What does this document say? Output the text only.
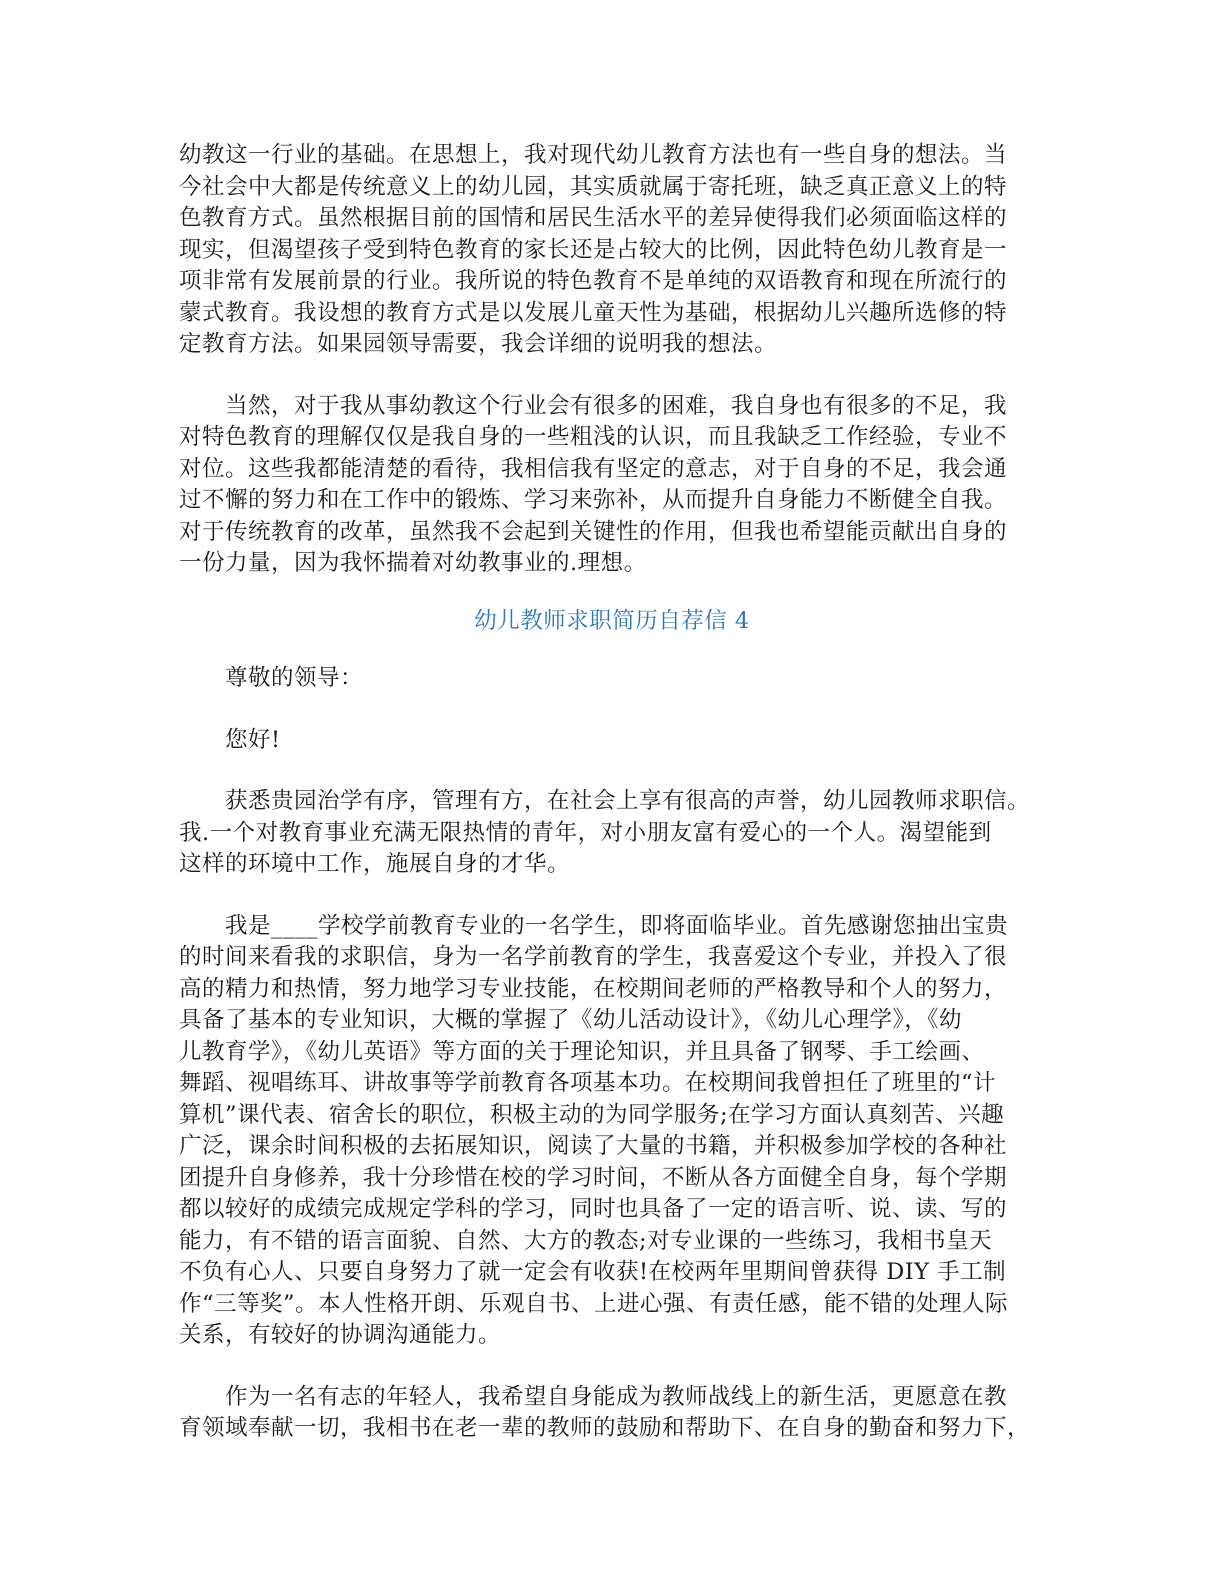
幼教这一行业的基础。在思想上，我对现代幼儿教育方法也有一些自身的想法。当
今社会中大都是传统意义上的幼儿园，其实质就属于寄托班，缺乏真正意义上的特
色教育方式。虽然根据目前的国情和居民生活水平的差异使得我们必须面临这样的
现实，但渴望孩子受到特色教育的家长还是占较大的比例，因此特色幼儿教育是一
项非常有发展前景的行业。我所说的特色教育不是单纯的双语教育和现在所流行的
蒙式教育。我设想的教育方式是以发展儿童天性为基础，根据幼儿兴趣所选修的特
定教育方法。如果园领导需要，我会详细的说明我的想法。
当然，对于我从事幼教这个行业会有很多的困难，我自身也有很多的不足，我
对特色教育的理解仅仅是我自身的一些粗浅的认识，而且我缺乏工作经验，专业不
对位。这些我都能清楚的看待，我相信我有坚定的意志，对于自身的不足，我会通
过不懈的努力和在工作中的锻炼、学习来弥补，从而提升自身能力不断健全自我。
对于传统教育的改革，虽然我不会起到关键性的作用，但我也希望能贡献出自身的
一份力量，因为我怀揣着对幼教事业的.理想。
幼儿教师求职简历自荐信 4
尊敬的领导：
您好!
获悉贵园治学有序，管理有方，在社会上享有很高的声誉，幼儿园教师求职信。
我.一个对教育事业充满无限热情的青年，对小朋友富有爱心的一个人。渴望能到
这样的环境中工作，施展自身的才华。
我是____学校学前教育专业的一名学生，即将面临毕业。首先感谢您抽出宝贵
的时间来看我的求职信，身为一名学前教育的学生，我喜爱这个专业，并投入了很
高的精力和热情，努力地学习专业技能，在校期间老师的严格教导和个人的努力，
具备了基本的专业知识，大概的掌握了《幼儿活动设计》，《幼儿心理学》，《幼
儿教育学》，《幼儿英语》等方面的关于理论知识，并且具备了钢琴、手工绘画、
舞蹈、视唱练耳、讲故事等学前教育各项基本功。在校期间我曾担任了班里的“计
算机”课代表、宿舍长的职位，积极主动的为同学服务;在学习方面认真刻苦、兴趣
广泛，课余时间积极的去拓展知识，阅读了大量的书籍，并积极参加学校的各种社
团提升自身修养，我十分珍惜在校的学习时间，不断从各方面健全自身，每个学期
都以较好的成绩完成规定学科的学习，同时也具备了一定的语言听、说、读、写的
能力，有不错的语言面貌、自然、大方的教态;对专业课的一些练习，我相书皇天
不负有心人、只要自身努力了就一定会有收获!在校两年里期间曾获得 DIY 手工制
作“三等奖”。本人性格开朗、乐观自书、上进心强、有责任感，能不错的处理人际
关系，有较好的协调沟通能力。
作为一名有志的年轻人，我希望自身能成为教师战线上的新生活，更愿意在教
育领域奉献一切，我相书在老一辈的教师的鼓励和帮助下、在自身的勤奋和努力下，
